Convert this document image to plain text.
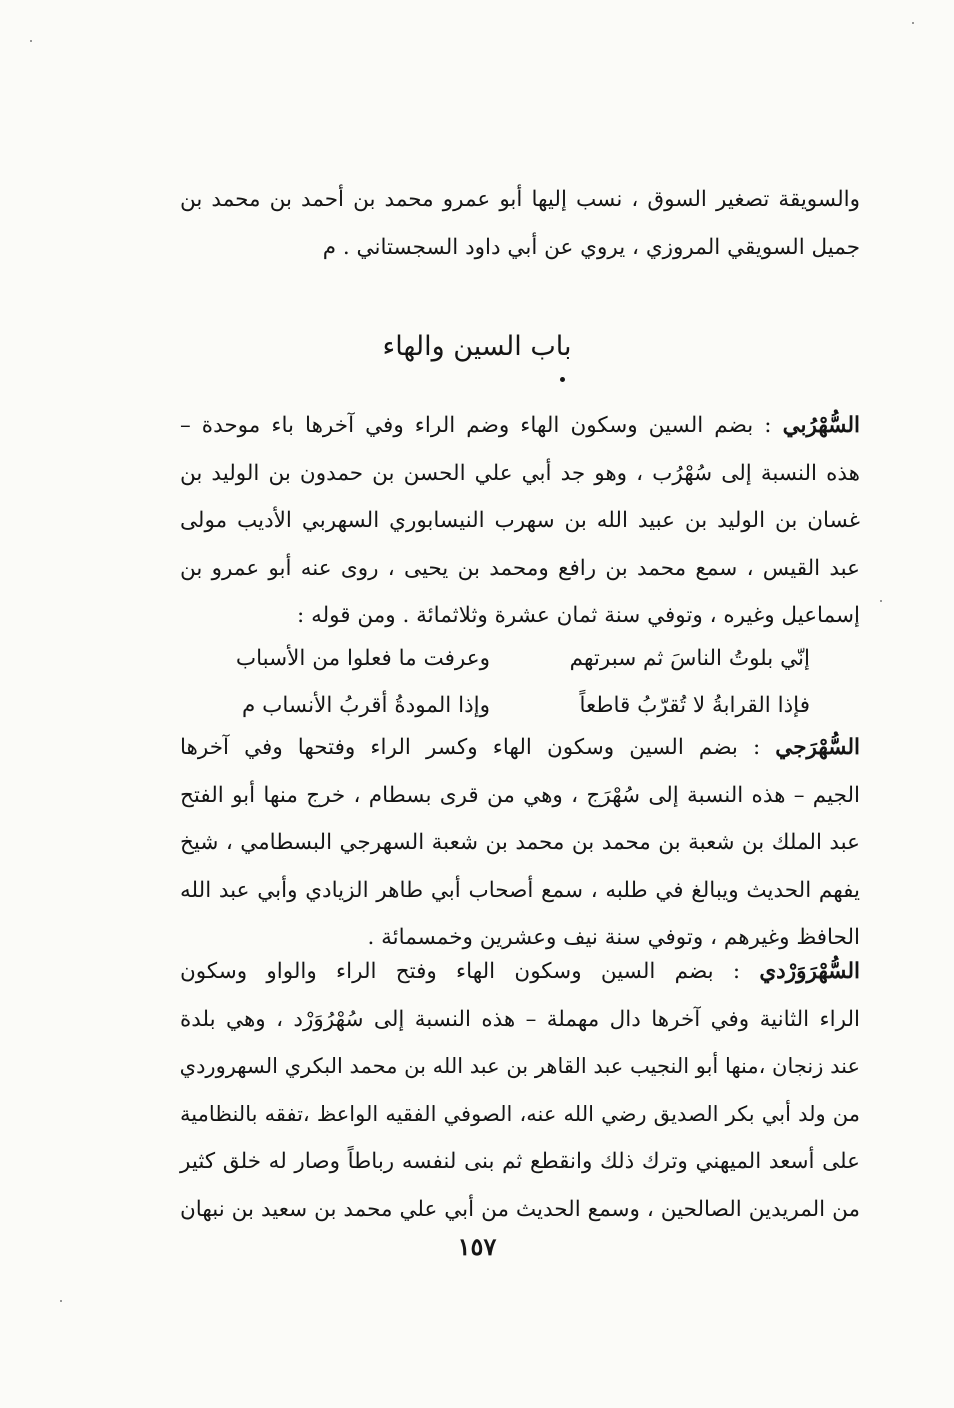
والسويقة تصغير السوق ، نسب إليها أبو عمرو محمد بن أحمد بن محمد بن
جميل السويقي المروزي ، يروي عن أبي داود السجستاني . م
باب السين والهاء
السُّهْرُبي : بضم السين وسكون الهاء وضم الراء وفي آخرها باء موحدة –
هذه النسبة إلى سُهْرُب ، وهو جد أبي علي الحسن بن حمدون بن الوليد بن
غسان بن الوليد بن عبيد الله بن سهرب النيسابوري السهربي الأديب مولى
عبد القيس ، سمع محمد بن رافع ومحمد بن يحيى ، روى عنه أبو عمرو بن
إسماعيل وغيره ، وتوفي سنة ثمان عشرة وثلاثمائة . ومن قوله :
إنّي بلوتُ الناسَ ثم سبرتهم
وعرفت ما فعلوا من الأسباب
فإذا القرابةُ لا تُقرّبُ قاطعاً
وإذا المودةُ أقربُ الأنساب م
السُّهْرَجي : بضم السين وسكون الهاء وكسر الراء وفتحها وفي آخرها
الجيم – هذه النسبة إلى سُهْرَج ، وهي من قرى بسطام ، خرج منها أبو الفتح
عبد الملك بن شعبة بن محمد بن محمد بن شعبة السهرجي البسطامي ، شيخ
يفهم الحديث ويبالغ في طلبه ، سمع أصحاب أبي طاهر الزيادي وأبي عبد الله
الحافظ وغيرهم ، وتوفي سنة نيف وعشرين وخمسمائة .
السُّهْرَوَرْدي : بضم السين وسكون الهاء وفتح الراء والواو وسكون
الراء الثانية وفي آخرها دال مهملة – هذه النسبة إلى سُهْرُوَرْد ، وهي بلدة
عند زنجان ،منها أبو النجيب عبد القاهر بن عبد الله بن محمد البكري السهروردي
من ولد أبي بكر الصديق رضي الله عنه، الصوفي الفقيه الواعظ ،تفقه بالنظامية
على أسعد الميهني وترك ذلك وانقطع ثم بنى لنفسه رباطاً وصار له خلق كثير
من المريدين الصالحين ، وسمع الحديث من أبي علي محمد بن سعيد بن نبهان
١٥٧
